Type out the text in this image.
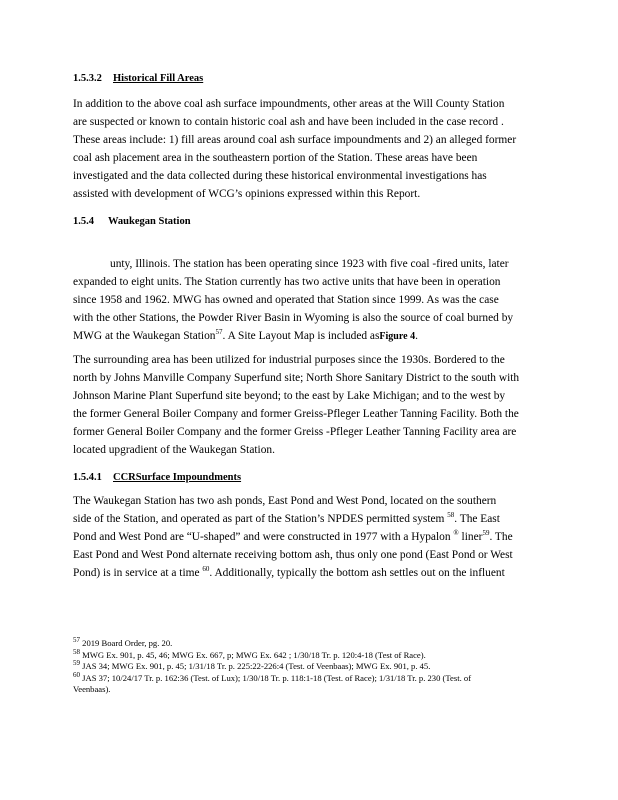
1.5.3.2 Historical Fill Areas
In addition to the above coal ash surface impoundments, other areas at the Will County Station
are suspected or known to contain historic coal ash and have been included in the case record .
These areas include: 1) fill areas around coal ash surface impoundments and 2) an alleged former
coal ash placement area in the southeastern portion of the Station. These areas have been
investigated and the data collected during these historical environmental investigations has
assisted with development of WCG’s opinions expressed within this Report.
1.5.4 Waukegan Station
unty, Illinois. The station has been operating since 1923 with five coal -fired units, later
expanded to eight units. The Station currently has two active units that have been in operation
since 1958 and 1962. MWG has owned and operated that Station since 1999. As was the case
with the other Stations, the Powder River Basin in Wyoming is also the source of coal burned by
MWG at the Waukegan Station$^{57}$. A Site Layout Map is included asFigure 4.
The surrounding area has been utilized for industrial purposes since the 1930s. Bordered to the
north by Johns Manville Company Superfund site; North Shore Sanitary District to the south with
Johnson Marine Plant Superfund site beyond; to the east by Lake Michigan; and to the west by
the former General Boiler Company and former Greiss-Pfleger Leather Tanning Facility. Both the
former General Boiler Company and the former Greiss -Pfleger Leather Tanning Facility area are
located upgradient of the Waukegan Station.
1.5.4.1 CCRSurface Impoundments
The Waukegan Station has two ash ponds, East Pond and West Pond, located on the southern
side of the Station, and operated as part of the Station’s NPDES permitted system $^{58}$. The East
Pond and West Pond are “U-shaped” and were constructed in 1977 with a Hypalon ® liner$^{59}$. The
East Pond and West Pond alternate receiving bottom ash, thus only one pond (East Pond or West
Pond) is in service at a time $^{60}$. Additionally, typically the bottom ash settles out on the influent
$^{57}$ 2019 Board Order, pg. 20.
$^{58}$ MWG Ex. 901, p. 45, 46; MWG Ex. 667, p; MWG Ex. 642 ; 1/30/18 Tr. p. 120:4-18 (Test of Race).
$^{59}$ JAS 34; MWG Ex. 901, p. 45; 1/31/18 Tr. p. 225:22-226:4 (Test. of Veenbaas); MWG Ex. 901, p. 45.
$^{60}$ JAS 37; 10/24/17 Tr. p. 162:36 (Test. of Lux); 1/30/18 Tr. p. 118:1-18 (Test. of Race); 1/31/18 Tr. p. 230 (Test. of
Veenbaas).
